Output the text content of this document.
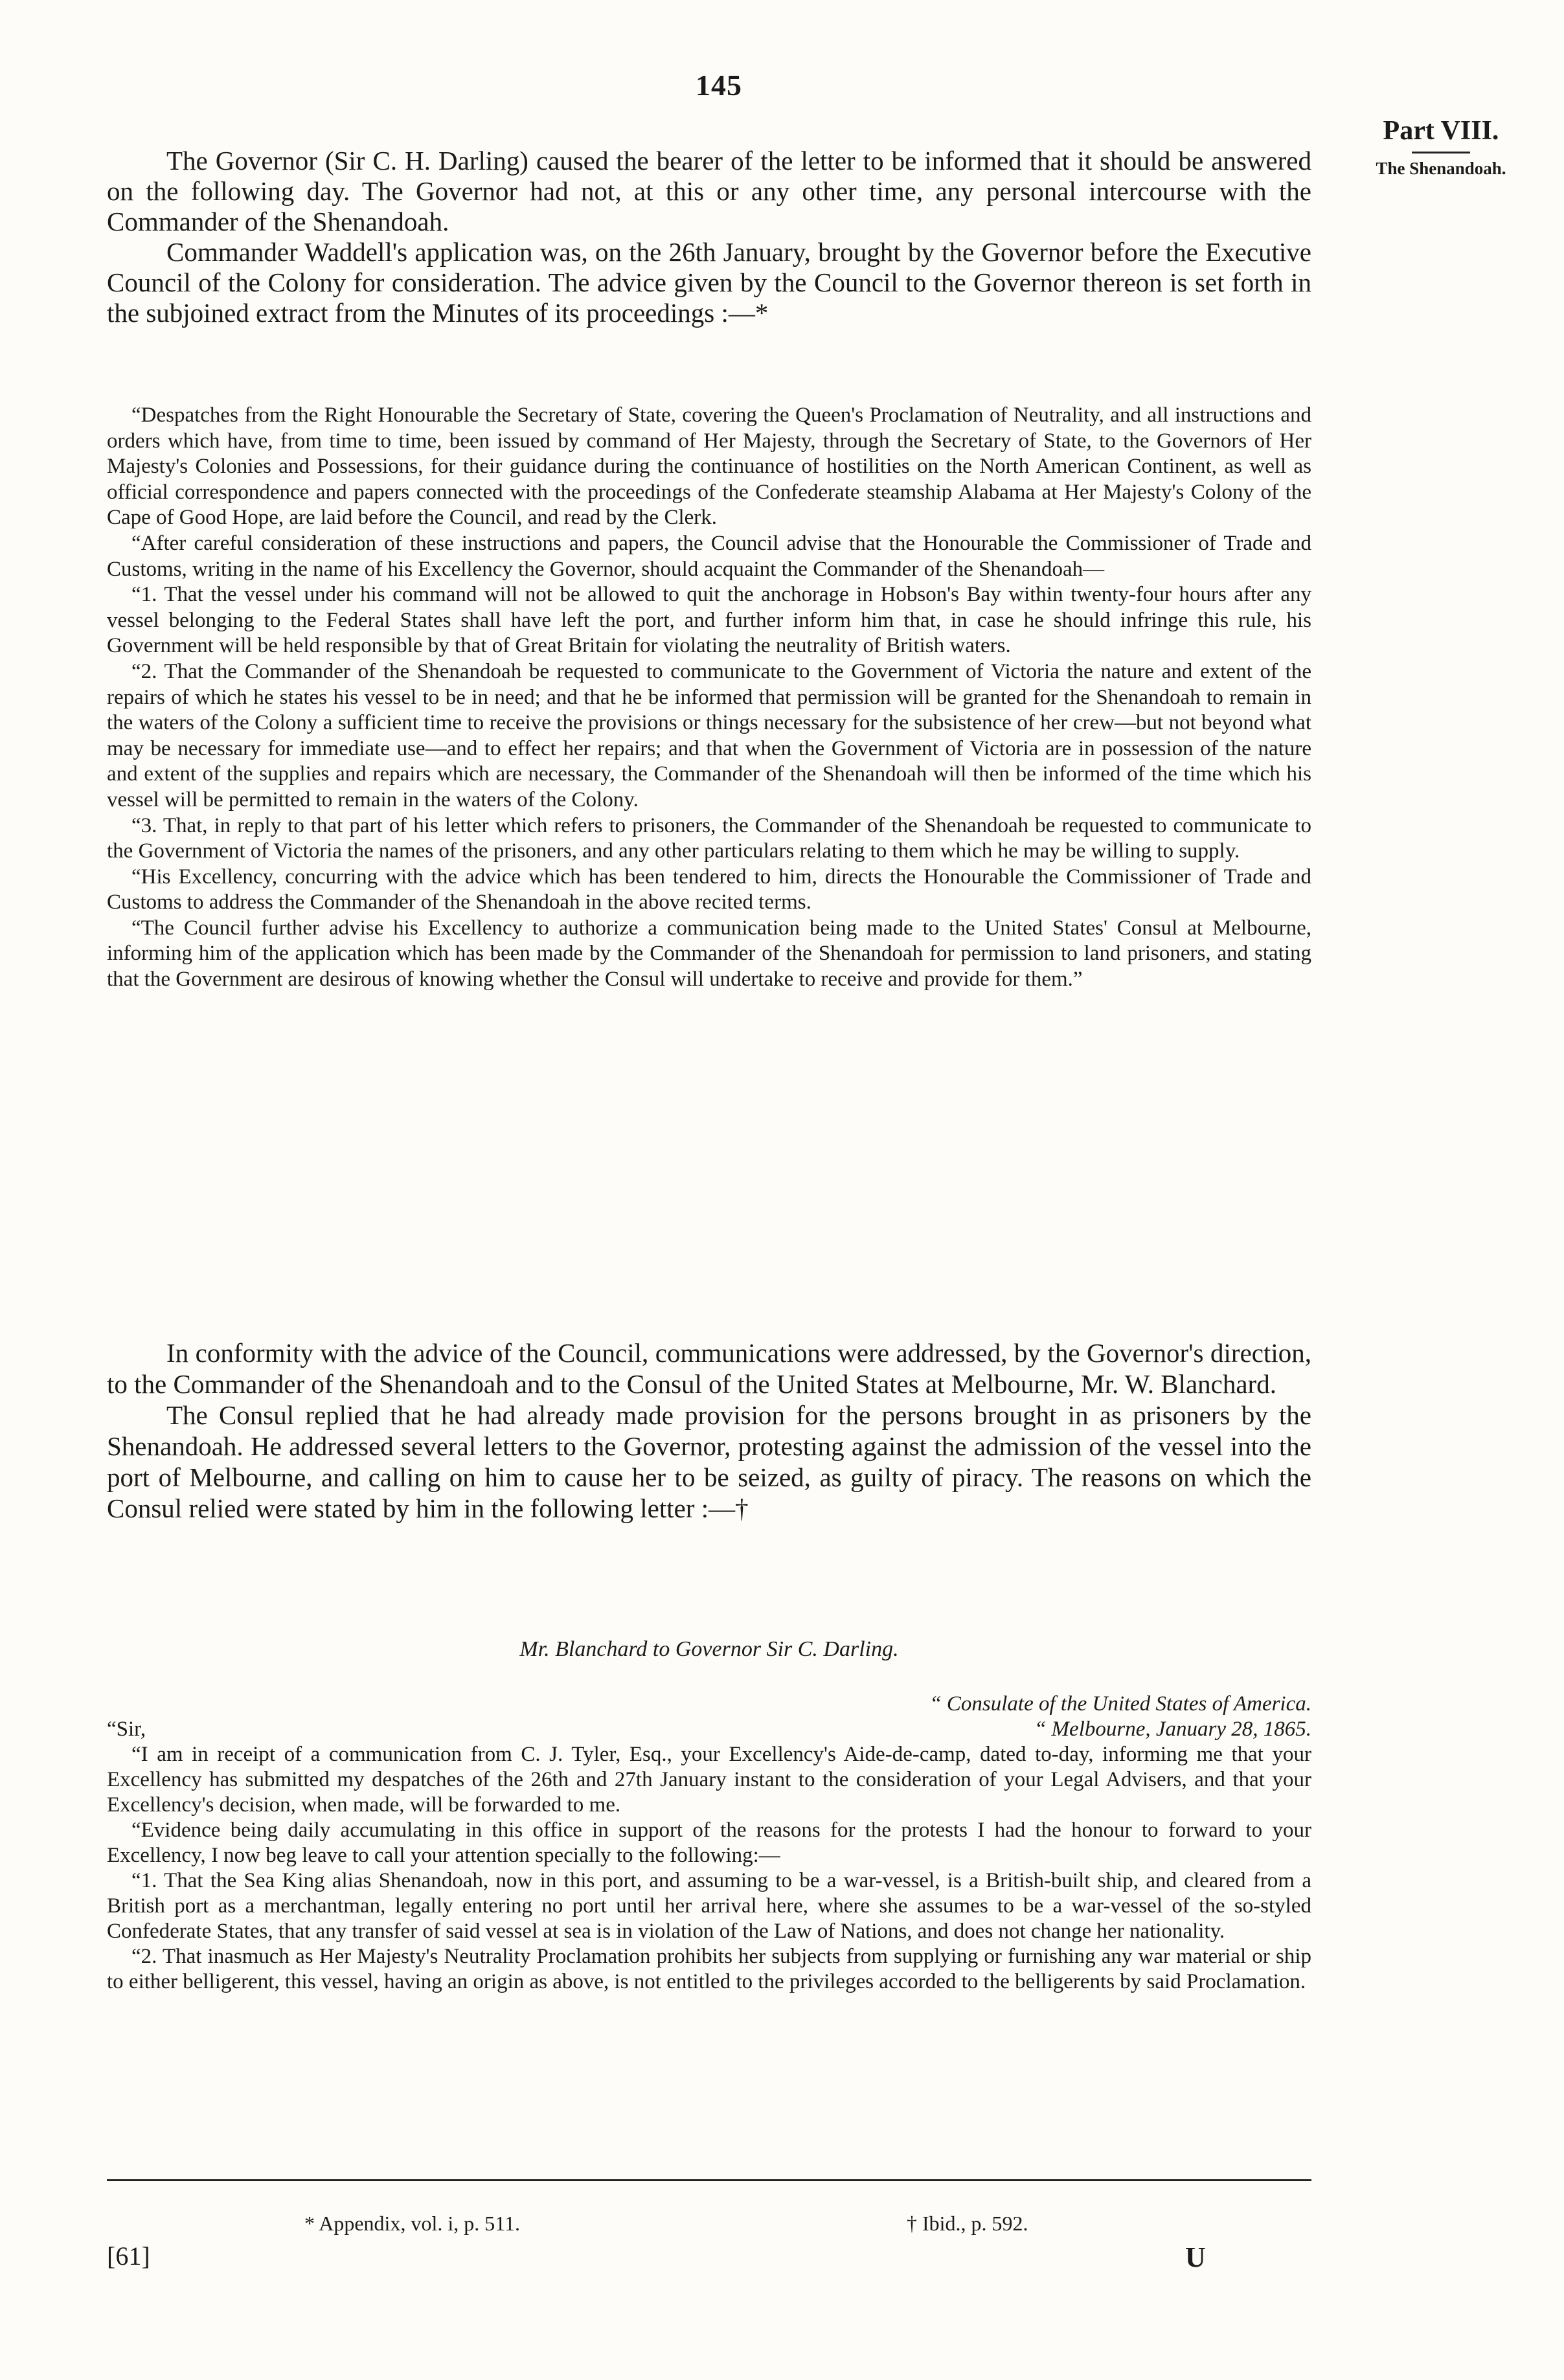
145
Part VIII.
The Shenandoah.

The Governor (Sir C. H. Darling) caused the bearer of the letter to be informed that it should be answered on the following day. The Governor had not, at this or any other time, any personal intercourse with the Commander of the Shenandoah.

Commander Waddell's application was, on the 26th January, brought by the Governor before the Executive Council of the Colony for consideration. The advice given by the Council to the Governor thereon is set forth in the subjoined extract from the Minutes of its proceedings :—*

“Despatches from the Right Honourable the Secretary of State, covering the Queen's Proclamation of Neutrality, and all instructions and orders which have, from time to time, been issued by command of Her Majesty, through the Secretary of State, to the Governors of Her Majesty's Colonies and Possessions, for their guidance during the continuance of hostilities on the North American Continent, as well as official correspondence and papers connected with the proceedings of the Confederate steamship Alabama at Her Majesty's Colony of the Cape of Good Hope, are laid before the Council, and read by the Clerk.

“After careful consideration of these instructions and papers, the Council advise that the Honourable the Commissioner of Trade and Customs, writing in the name of his Excellency the Governor, should acquaint the Commander of the Shenandoah—

“1. That the vessel under his command will not be allowed to quit the anchorage in Hobson's Bay within twenty-four hours after any vessel belonging to the Federal States shall have left the port, and further inform him that, in case he should infringe this rule, his Government will be held responsible by that of Great Britain for violating the neutrality of British waters.

“2. That the Commander of the Shenandoah be requested to communicate to the Government of Victoria the nature and extent of the repairs of which he states his vessel to be in need; and that he be informed that permission will be granted for the Shenandoah to remain in the waters of the Colony a sufficient time to receive the provisions or things necessary for the subsistence of her crew—but not beyond what may be necessary for immediate use—and to effect her repairs; and that when the Government of Victoria are in possession of the nature and extent of the supplies and repairs which are necessary, the Commander of the Shenandoah will then be informed of the time which his vessel will be permitted to remain in the waters of the Colony.

“3. That, in reply to that part of his letter which refers to prisoners, the Commander of the Shenandoah be requested to communicate to the Government of Victoria the names of the prisoners, and any other particulars relating to them which he may be willing to supply.

“His Excellency, concurring with the advice which has been tendered to him, directs the Honourable the Commissioner of Trade and Customs to address the Commander of the Shenandoah in the above recited terms.

“The Council further advise his Excellency to authorize a communication being made to the United States' Consul at Melbourne, informing him of the application which has been made by the Commander of the Shenandoah for permission to land prisoners, and stating that the Government are desirous of knowing whether the Consul will undertake to receive and provide for them.”

In conformity with the advice of the Council, communications were addressed, by the Governor's direction, to the Commander of the Shenandoah and to the Consul of the United States at Melbourne, Mr. W. Blanchard.

The Consul replied that he had already made provision for the persons brought in as prisoners by the Shenandoah. He addressed several letters to the Governor, protesting against the admission of the vessel into the port of Melbourne, and calling on him to cause her to be seized, as guilty of piracy. The reasons on which the Consul relied were stated by him in the following letter :—†

Mr. Blanchard to Governor Sir C. Darling.

“ Consulate of the United States of America.

“Sir,	“ Melbourne, January 28, 1865.

“I am in receipt of a communication from C. J. Tyler, Esq., your Excellency's Aide-de-camp, dated to-day, informing me that your Excellency has submitted my despatches of the 26th and 27th January instant to the consideration of your Legal Advisers, and that your Excellency's decision, when made, will be forwarded to me.

“Evidence being daily accumulating in this office in support of the reasons for the protests I had the honour to forward to your Excellency, I now beg leave to call your attention specially to the following:—

“1. That the Sea King alias Shenandoah, now in this port, and assuming to be a war-vessel, is a British-built ship, and cleared from a British port as a merchantman, legally entering no port until her arrival here, where she assumes to be a war-vessel of the so-styled Confederate States, that any transfer of said vessel at sea is in violation of the Law of Nations, and does not change her nationality.

“2. That inasmuch as Her Majesty's Neutrality Proclamation prohibits her subjects from supplying or furnishing any war material or ship to either belligerent, this vessel, having an origin as above, is not entitled to the privileges accorded to the belligerents by said Proclamation.

* Appendix, vol. i, p. 511.	† Ibid., p. 592.
[61]	U
